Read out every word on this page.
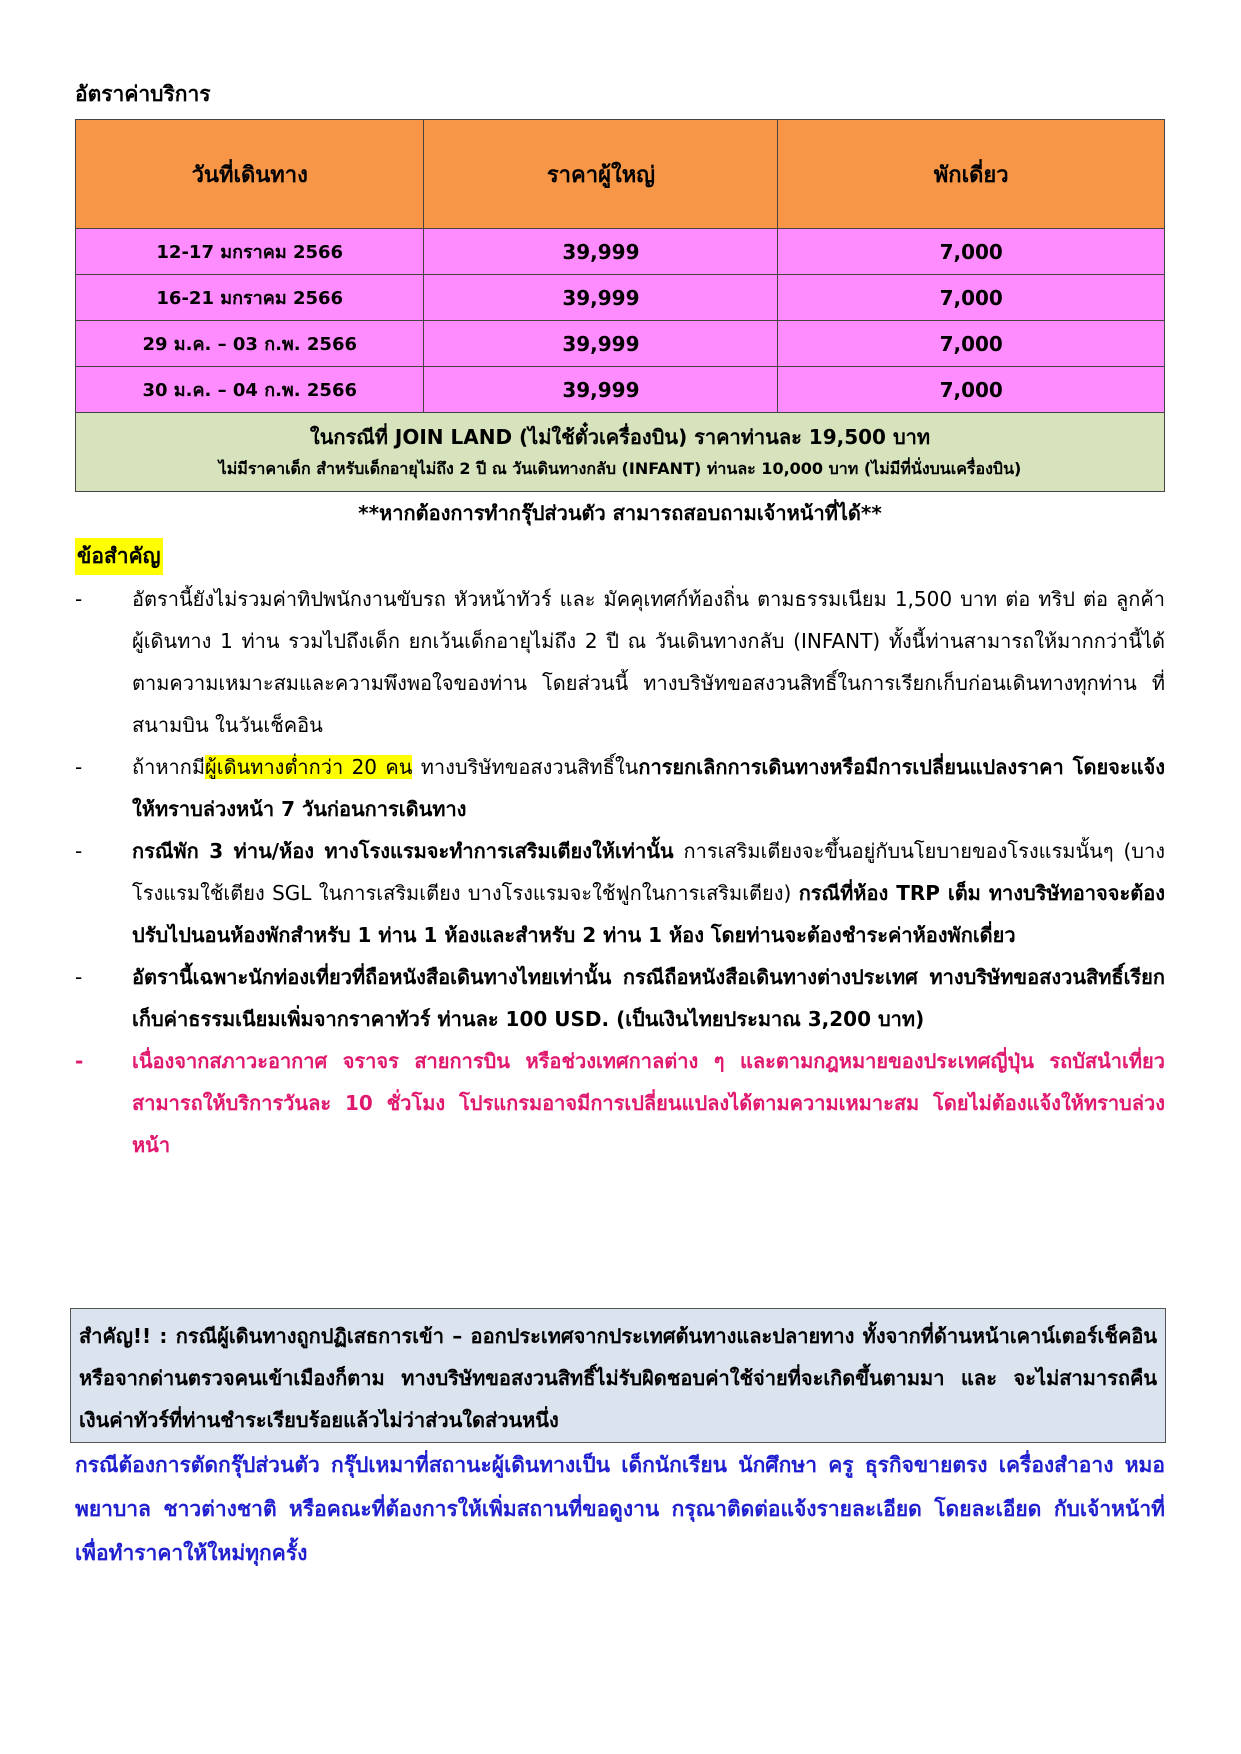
อัตราค่าบริการ
วันที่เดินทาง	ราคาผู้ใหญ่	พักเดี่ยว
12-17 มกราคม 2566	39,999	7,000
16-21 มกราคม 2566	39,999	7,000
29 ม.ค. – 03 ก.พ. 2566	39,999	7,000
30 ม.ค. – 04 ก.พ. 2566	39,999	7,000

ในกรณีที่ JOIN LAND (ไม่ใช้ตั๋วเครื่องบิน) ราคาท่านละ 19,500 บาท
ไม่มีราคาเด็ก สำหรับเด็กอายุไม่ถึง 2 ปี ณ วันเดินทางกลับ (INFANT) ท่านละ 10,000 บาท (ไม่มีที่นั่งบนเครื่องบิน)		
**หากต้องการทำกรุ๊ปส่วนตัว สามารถสอบถามเจ้าหน้าที่ได้**
ข้อสำคัญ
- อัตรานี้ยังไม่รวมค่าทิปพนักงานขับรถ หัวหน้าทัวร์ และ มัคคุเทศก์ท้องถิ่น ตามธรรมเนียม 1,500 บาท ต่อ ทริป ต่อ ลูกค้า ผู้เดินทาง 1 ท่าน รวมไปถึงเด็ก ยกเว้นเด็กอายุไม่ถึง 2 ปี ณ วันเดินทางกลับ (INFANT) ทั้งนี้ท่านสามารถให้มากกว่านี้ได้ตามความเหมาะสมและความพึงพอใจของท่าน โดยส่วนนี้ ทางบริษัทขอสงวนสิทธิ์ในการเรียกเก็บก่อนเดินทางทุกท่าน ที่สนามบิน ในวันเช็คอิน
- ถ้าหากมีผู้เดินทางต่ำกว่า 20 คน ทางบริษัทขอสงวนสิทธิ์ในการยกเลิกการเดินทางหรือมีการเปลี่ยนแปลงราคา โดยจะแจ้งให้ทราบล่วงหน้า 7 วันก่อนการเดินทาง
- กรณีพัก 3 ท่าน/ห้อง ทางโรงแรมจะทำการเสริมเตียงให้เท่านั้น การเสริมเตียงจะขึ้นอยู่กับนโยบายของโรงแรมนั้นๆ (บางโรงแรมใช้เตียง SGL ในการเสริมเตียง บางโรงแรมจะใช้ฟูกในการเสริมเตียง) กรณีที่ห้อง TRP เต็ม ทางบริษัทอาจจะต้องปรับไปนอนห้องพักสำหรับ 1 ท่าน 1 ห้องและสำหรับ 2 ท่าน 1 ห้อง โดยท่านจะต้องชำระค่าห้องพักเดี่ยว
- อัตรานี้เฉพาะนักท่องเที่ยวที่ถือหนังสือเดินทางไทยเท่านั้น กรณีถือหนังสือเดินทางต่างประเทศ ทางบริษัทขอสงวนสิทธิ์เรียกเก็บค่าธรรมเนียมเพิ่มจากราคาทัวร์ ท่านละ 100 USD. (เป็นเงินไทยประมาณ 3,200 บาท)
- เนื่องจากสภาวะอากาศ จราจร สายการบิน หรือช่วงเทศกาลต่าง ๆ และตามกฎหมายของประเทศญี่ปุ่น รถบัสนำเที่ยวสามารถให้บริการวันละ 10 ชั่วโมง โปรแกรมอาจมีการเปลี่ยนแปลงได้ตามความเหมาะสม โดยไม่ต้องแจ้งให้ทราบล่วงหน้า
สำคัญ!! : กรณีผู้เดินทางถูกปฏิเสธการเข้า – ออกประเทศจากประเทศต้นทางและปลายทาง ทั้งจากที่ด้านหน้าเคาน์เตอร์เช็คอิน หรือจากด่านตรวจคนเข้าเมืองก็ตาม ทางบริษัทขอสงวนสิทธิ์ไม่รับผิดชอบค่าใช้จ่ายที่จะเกิดขึ้นตามมา และ จะไม่สามารถคืนเงินค่าทัวร์ที่ท่านชำระเรียบร้อยแล้วไม่ว่าส่วนใดส่วนหนึ่ง
กรณีต้องการตัดกรุ๊ปส่วนตัว กรุ๊ปเหมาที่สถานะผู้เดินทางเป็น เด็กนักเรียน นักศึกษา ครู ธุรกิจขายตรง เครื่องสำอาง หมอ พยาบาล ชาวต่างชาติ หรือคณะที่ต้องการให้เพิ่มสถานที่ขอดูงาน กรุณาติดต่อแจ้งรายละเอียด โดยละเอียด กับเจ้าหน้าที่เพื่อทำราคาให้ใหม่ทุกครั้ง
